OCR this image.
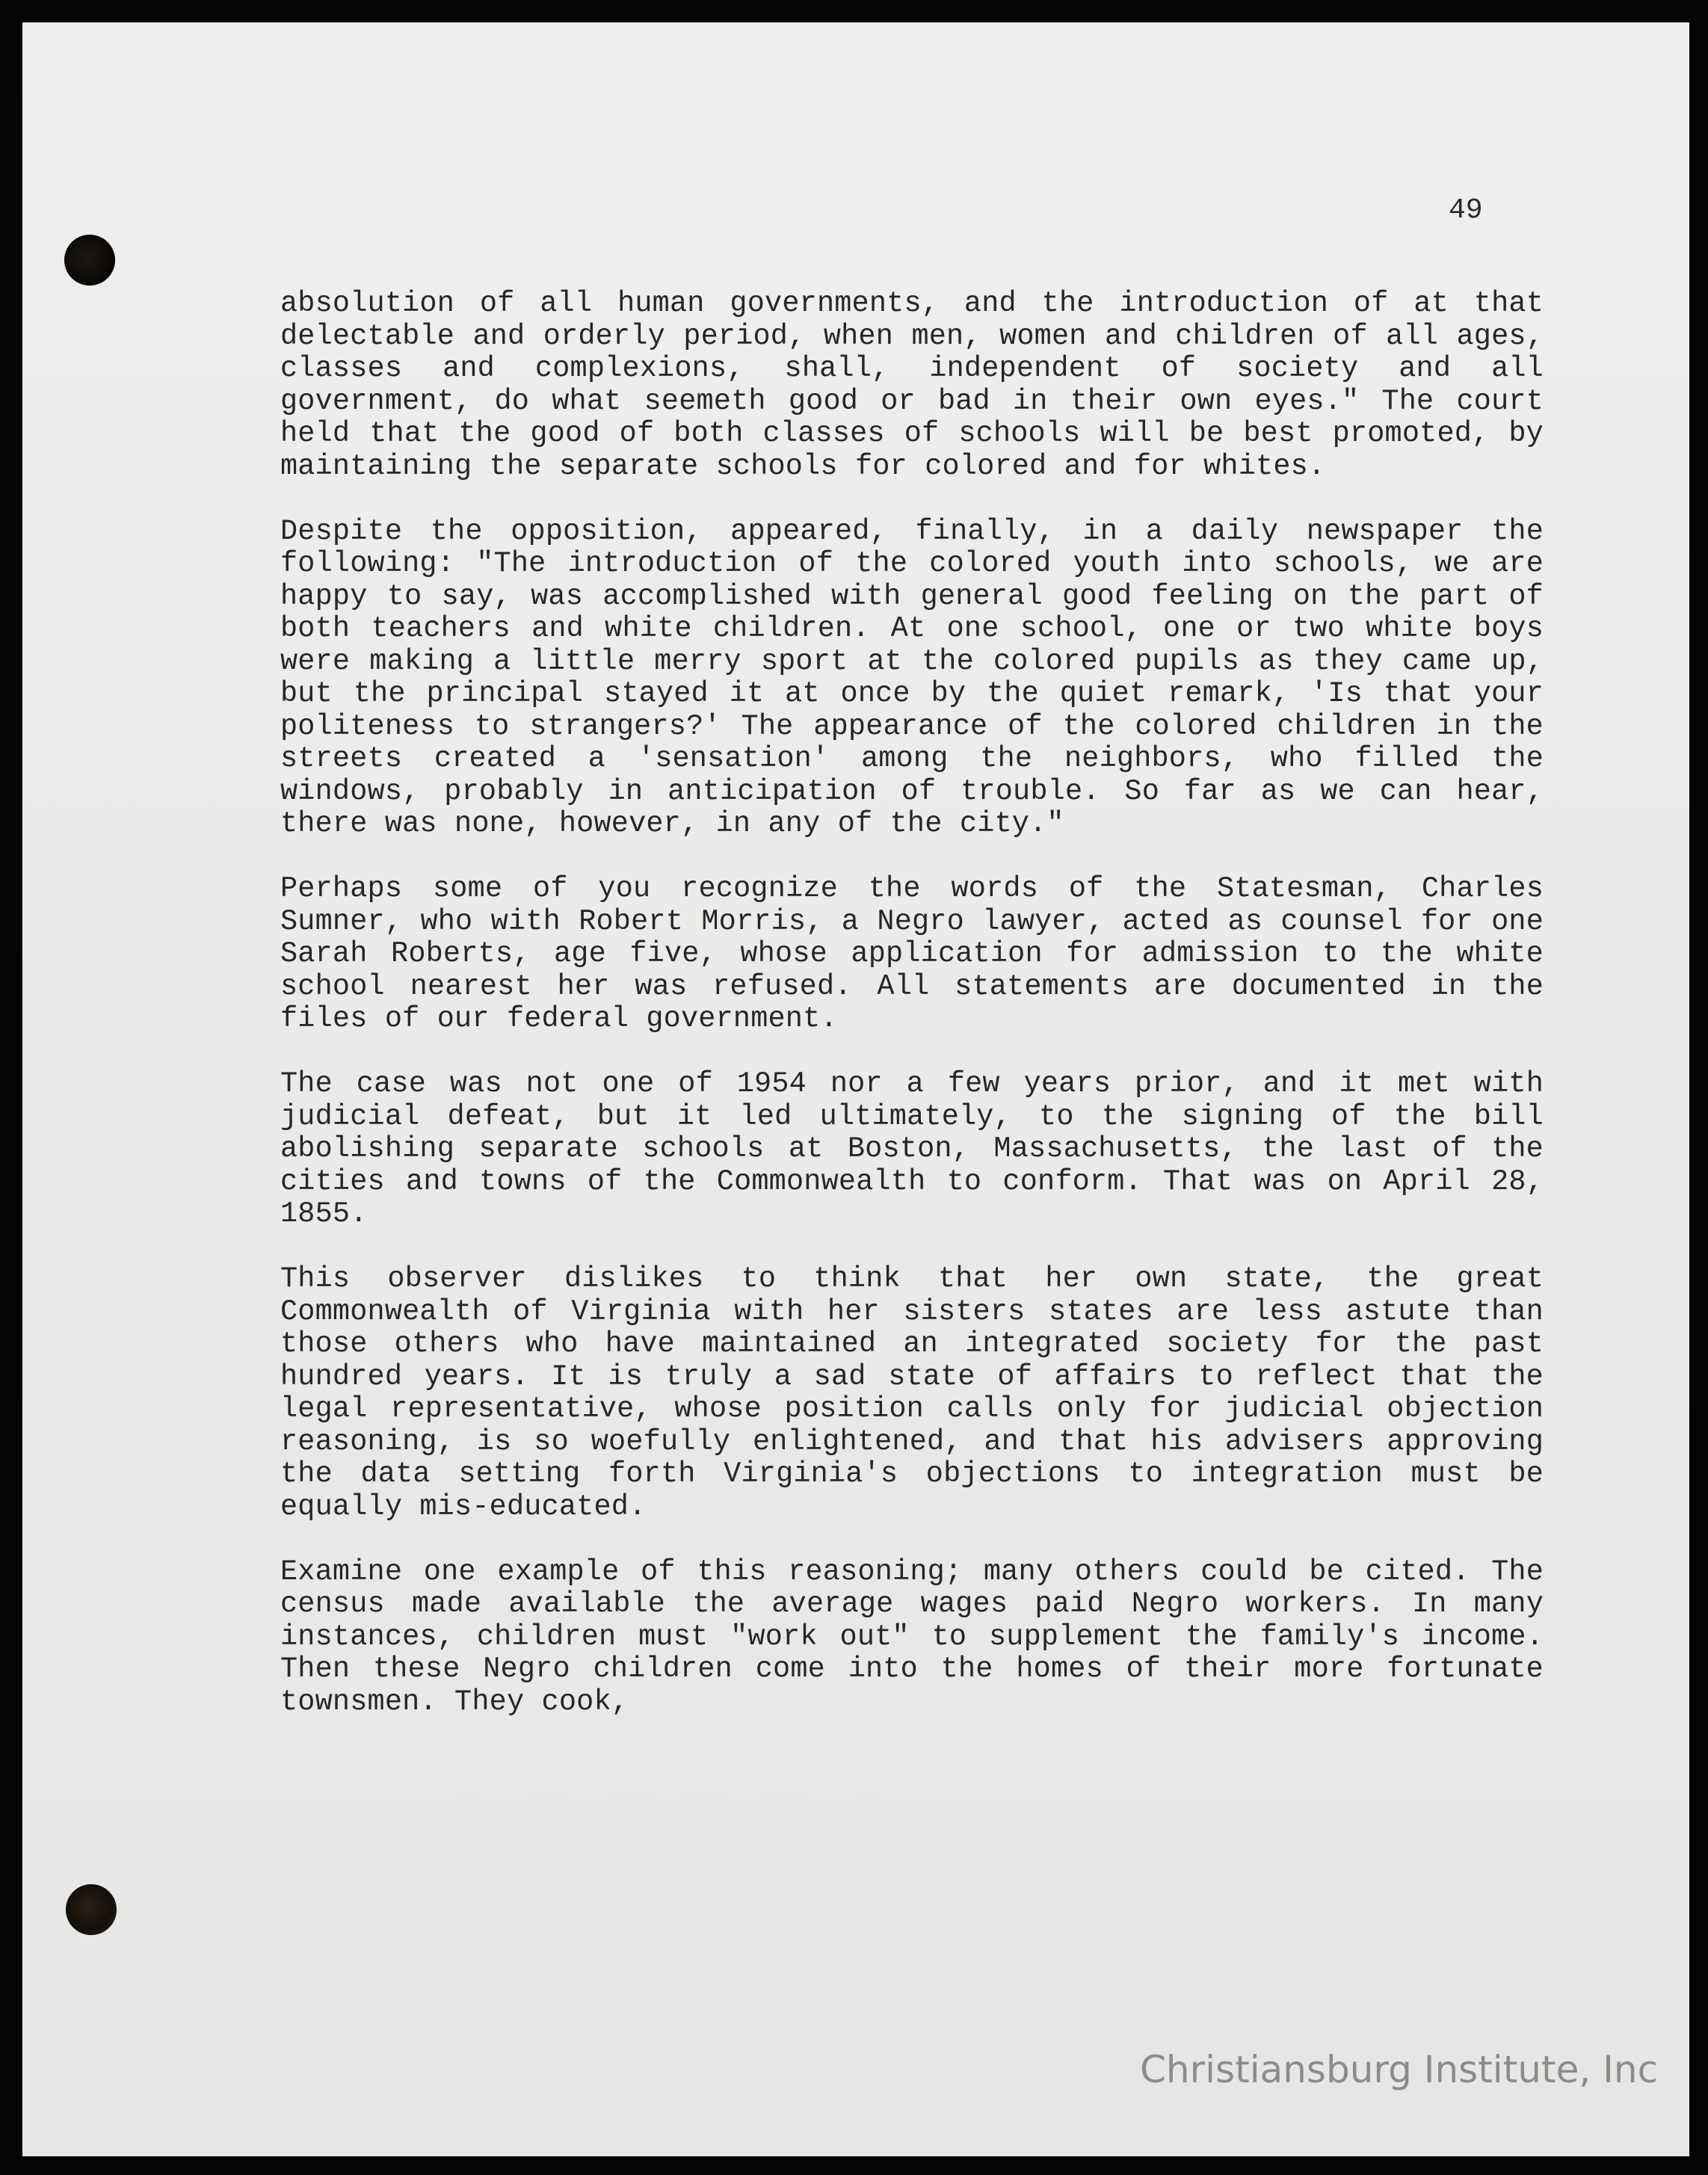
49

absolution of all human governments, and the introduction of at that delectable and orderly period, when men, women and children of all ages, classes and complexions, shall, independent of society and all government, do what seemeth good or bad in their own eyes." The court held that the good of both classes of schools will be best promoted, by maintaining the separate schools for colored and for whites.

Despite the opposition, appeared, finally, in a daily newspaper the following: "The introduction of the colored youth into schools, we are happy to say, was accomplished with general good feeling on the part of both teachers and white children. At one school, one or two white boys were making a little merry sport at the colored pupils as they came up, but the principal stayed it at once by the quiet remark, 'Is that your politeness to strangers?' The appearance of the colored children in the streets created a 'sensation' among the neighbors, who filled the windows, probably in anticipation of trouble. So far as we can hear, there was none, however, in any of the city."

Perhaps some of you recognize the words of the Statesman, Charles Sumner, who with Robert Morris, a Negro lawyer, acted as counsel for one Sarah Roberts, age five, whose application for admission to the white school nearest her was refused. All statements are documented in the files of our federal government.

The case was not one of 1954 nor a few years prior, and it met with judicial defeat, but it led ultimately, to the signing of the bill abolishing separate schools at Boston, Massachusetts, the last of the cities and towns of the Commonwealth to conform. That was on April 28, 1855.

This observer dislikes to think that her own state, the great Commonwealth of Virginia with her sisters states are less astute than those others who have maintained an integrated society for the past hundred years. It is truly a sad state of affairs to reflect that the legal representative, whose position calls only for judicial objection reasoning, is so woefully enlightened, and that his advisers approving the data setting forth Virginia's objections to integration must be equally mis-educated.

Examine one example of this reasoning; many others could be cited. The census made available the average wages paid Negro workers. In many instances, children must "work out" to supplement the family's income. Then these Negro children come into the homes of their more fortunate townsmen. They cook,

Christiansburg Institute, Inc
